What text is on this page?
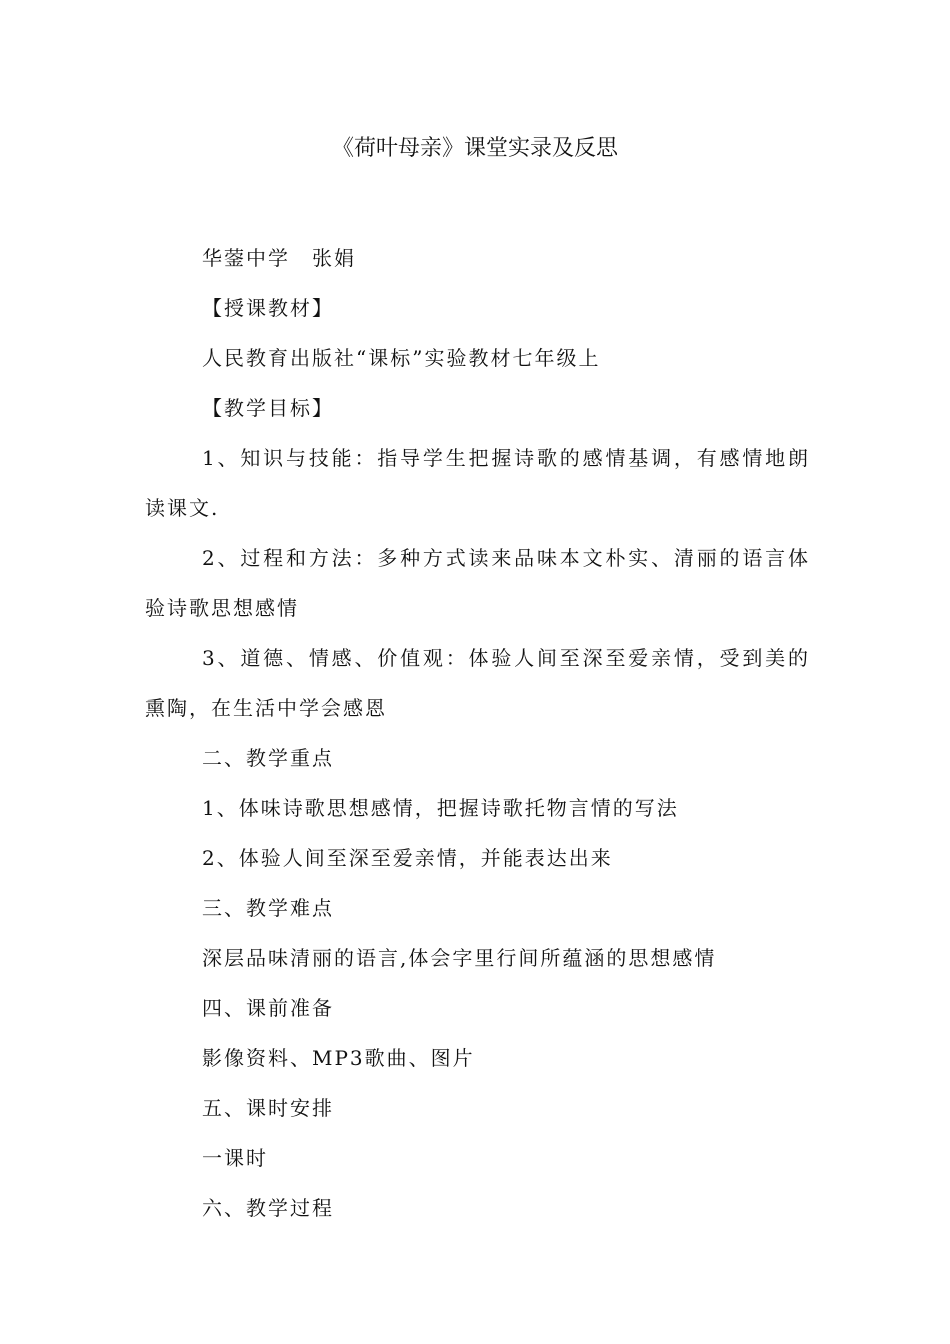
《荷叶母亲》课堂实录及反思

华蓥中学　张娟

【授课教材】

人民教育出版社“课标”实验教材七年级上

【教学目标】

1、知识与技能：指导学生把握诗歌的感情基调，有感情地朗读课文.

2、过程和方法：多种方式读来品味本文朴实、清丽的语言体验诗歌思想感情

3、道德、情感、价值观：体验人间至深至爱亲情，受到美的熏陶，在生活中学会感恩

二、教学重点

1、体味诗歌思想感情，把握诗歌托物言情的写法

2、体验人间至深至爱亲情，并能表达出来

三、教学难点

深层品味清丽的语言,体会字里行间所蕴涵的思想感情

四、课前准备

影像资料、MP3歌曲、图片

五、课时安排

一课时

六、教学过程
